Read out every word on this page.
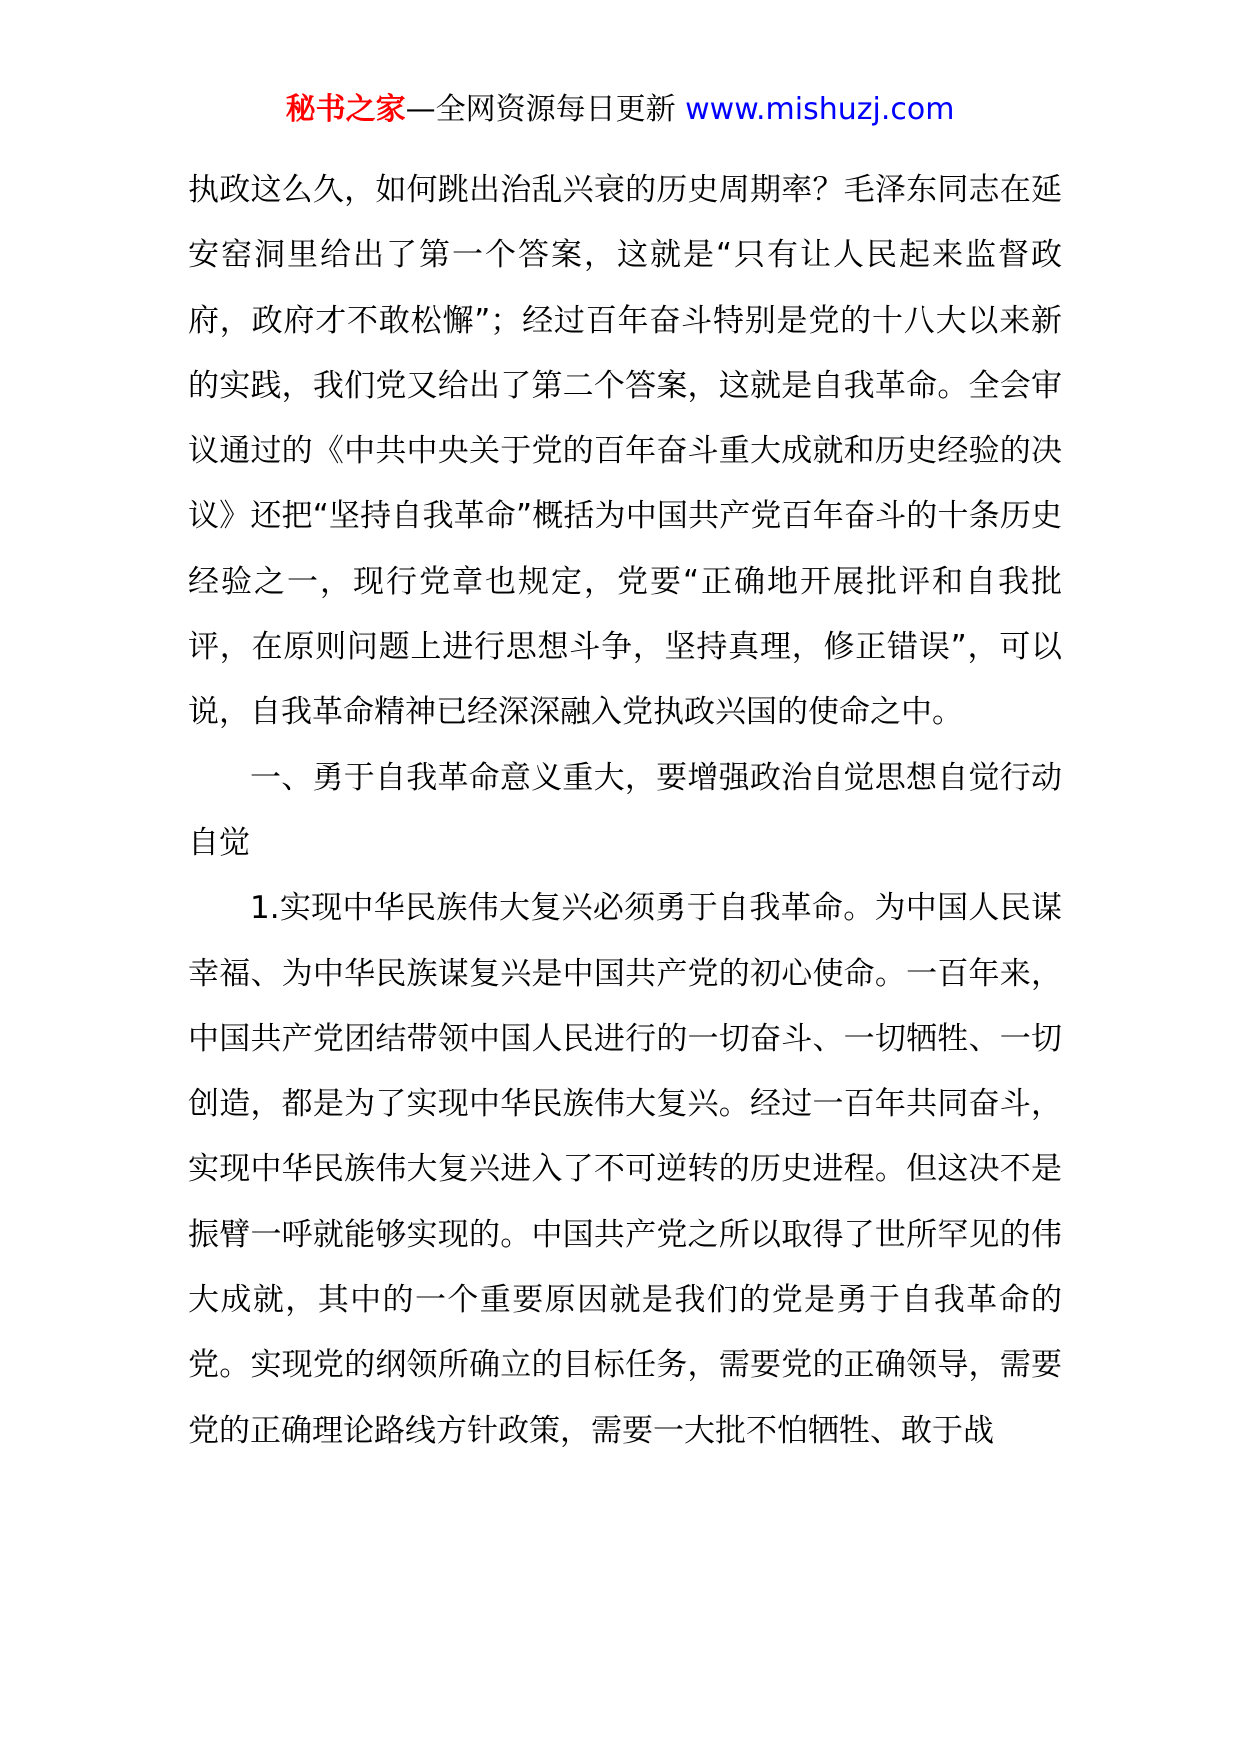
秘书之家—全网资源每日更新 www.mishuzj.com

执政这么久，如何跳出治乱兴衰的历史周期率？毛泽东同志在延安窑洞里给出了第一个答案，这就是“只有让人民起来监督政府，政府才不敢松懈”；经过百年奋斗特别是党的十八大以来新的实践，我们党又给出了第二个答案，这就是自我革命。全会审议通过的《中共中央关于党的百年奋斗重大成就和历史经验的决议》还把“坚持自我革命”概括为中国共产党百年奋斗的十条历史经验之一，现行党章也规定，党要“正确地开展批评和自我批评，在原则问题上进行思想斗争，坚持真理，修正错误”，可以说，自我革命精神已经深深融入党执政兴国的使命之中。

一、勇于自我革命意义重大，要增强政治自觉思想自觉行动自觉

1.实现中华民族伟大复兴必须勇于自我革命。为中国人民谋幸福、为中华民族谋复兴是中国共产党的初心使命。一百年来，中国共产党团结带领中国人民进行的一切奋斗、一切牺牲、一切创造，都是为了实现中华民族伟大复兴。经过一百年共同奋斗，实现中华民族伟大复兴进入了不可逆转的历史进程。但这决不是振臂一呼就能够实现的。中国共产党之所以取得了世所罕见的伟大成就，其中的一个重要原因就是我们的党是勇于自我革命的党。实现党的纲领所确立的目标任务，需要党的正确领导，需要党的正确理论路线方针政策，需要一大批不怕牺牲、敢于战
